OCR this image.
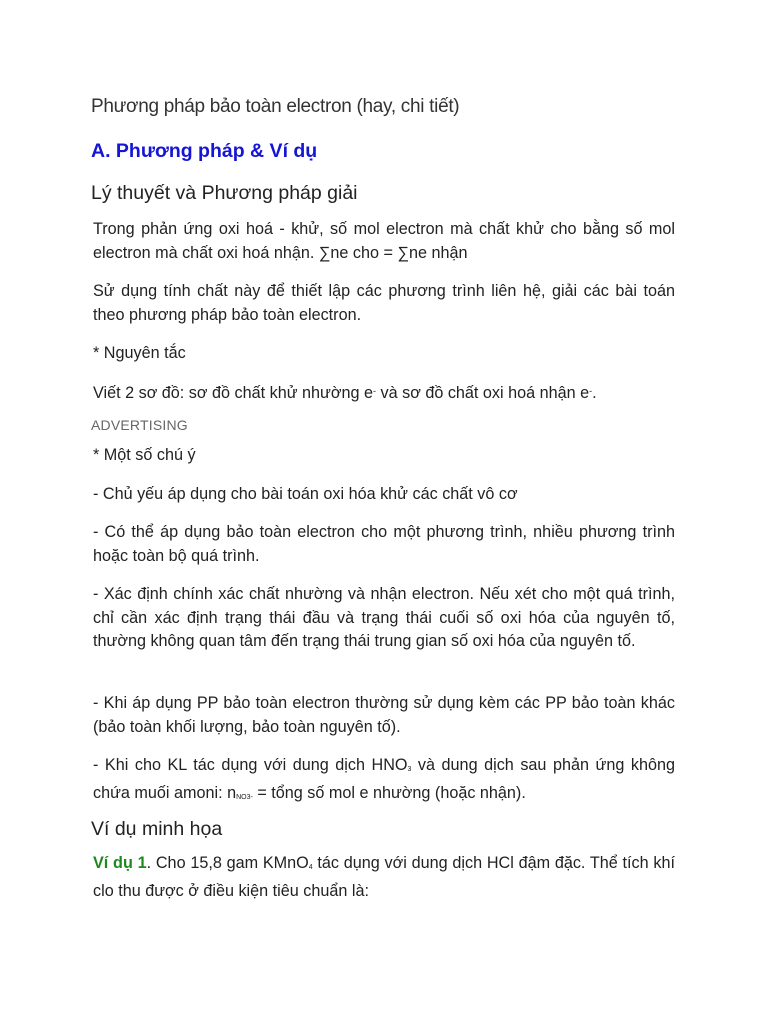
Phương pháp bảo toàn electron (hay, chi tiết)
A. Phương pháp & Ví dụ
Lý thuyết và Phương pháp giải
Trong phản ứng oxi hoá - khử, số mol electron mà chất khử cho bằng số mol electron mà chất oxi hoá nhận. ∑ne cho = ∑ne nhận
Sử dụng tính chất này để thiết lập các phương trình liên hệ, giải các bài toán theo phương pháp bảo toàn electron.
* Nguyên tắc
Viết 2 sơ đồ: sơ đồ chất khử nhường e- và sơ đồ chất oxi hoá nhận e-.
ADVERTISING
* Một số chú ý
- Chủ yếu áp dụng cho bài toán oxi hóa khử các chất vô cơ
- Có thể áp dụng bảo toàn electron cho một phương trình, nhiều phương trình hoặc toàn bộ quá trình.
- Xác định chính xác chất nhường và nhận electron. Nếu xét cho một quá trình, chỉ cần xác định trạng thái đầu và trạng thái cuối số oxi hóa của nguyên tố, thường không quan tâm đến trạng thái trung gian số oxi hóa của nguyên tố.
- Khi áp dụng PP bảo toàn electron thường sử dụng kèm các PP bảo toàn khác (bảo toàn khối lượng, bảo toàn nguyên tố).
- Khi cho KL tác dụng với dung dịch $HNO_3$ và dung dịch sau phản ứng không chứa muối amoni: $n_{NO3-}$ = tổng số mol e nhường (hoặc nhận).
Ví dụ minh họa
Ví dụ 1. Cho 15,8 gam KMnO$_4$ tác dụng với dung dịch HCl đậm đặc. Thể tích khí clo thu được ở điều kiện tiêu chuẩn là:
